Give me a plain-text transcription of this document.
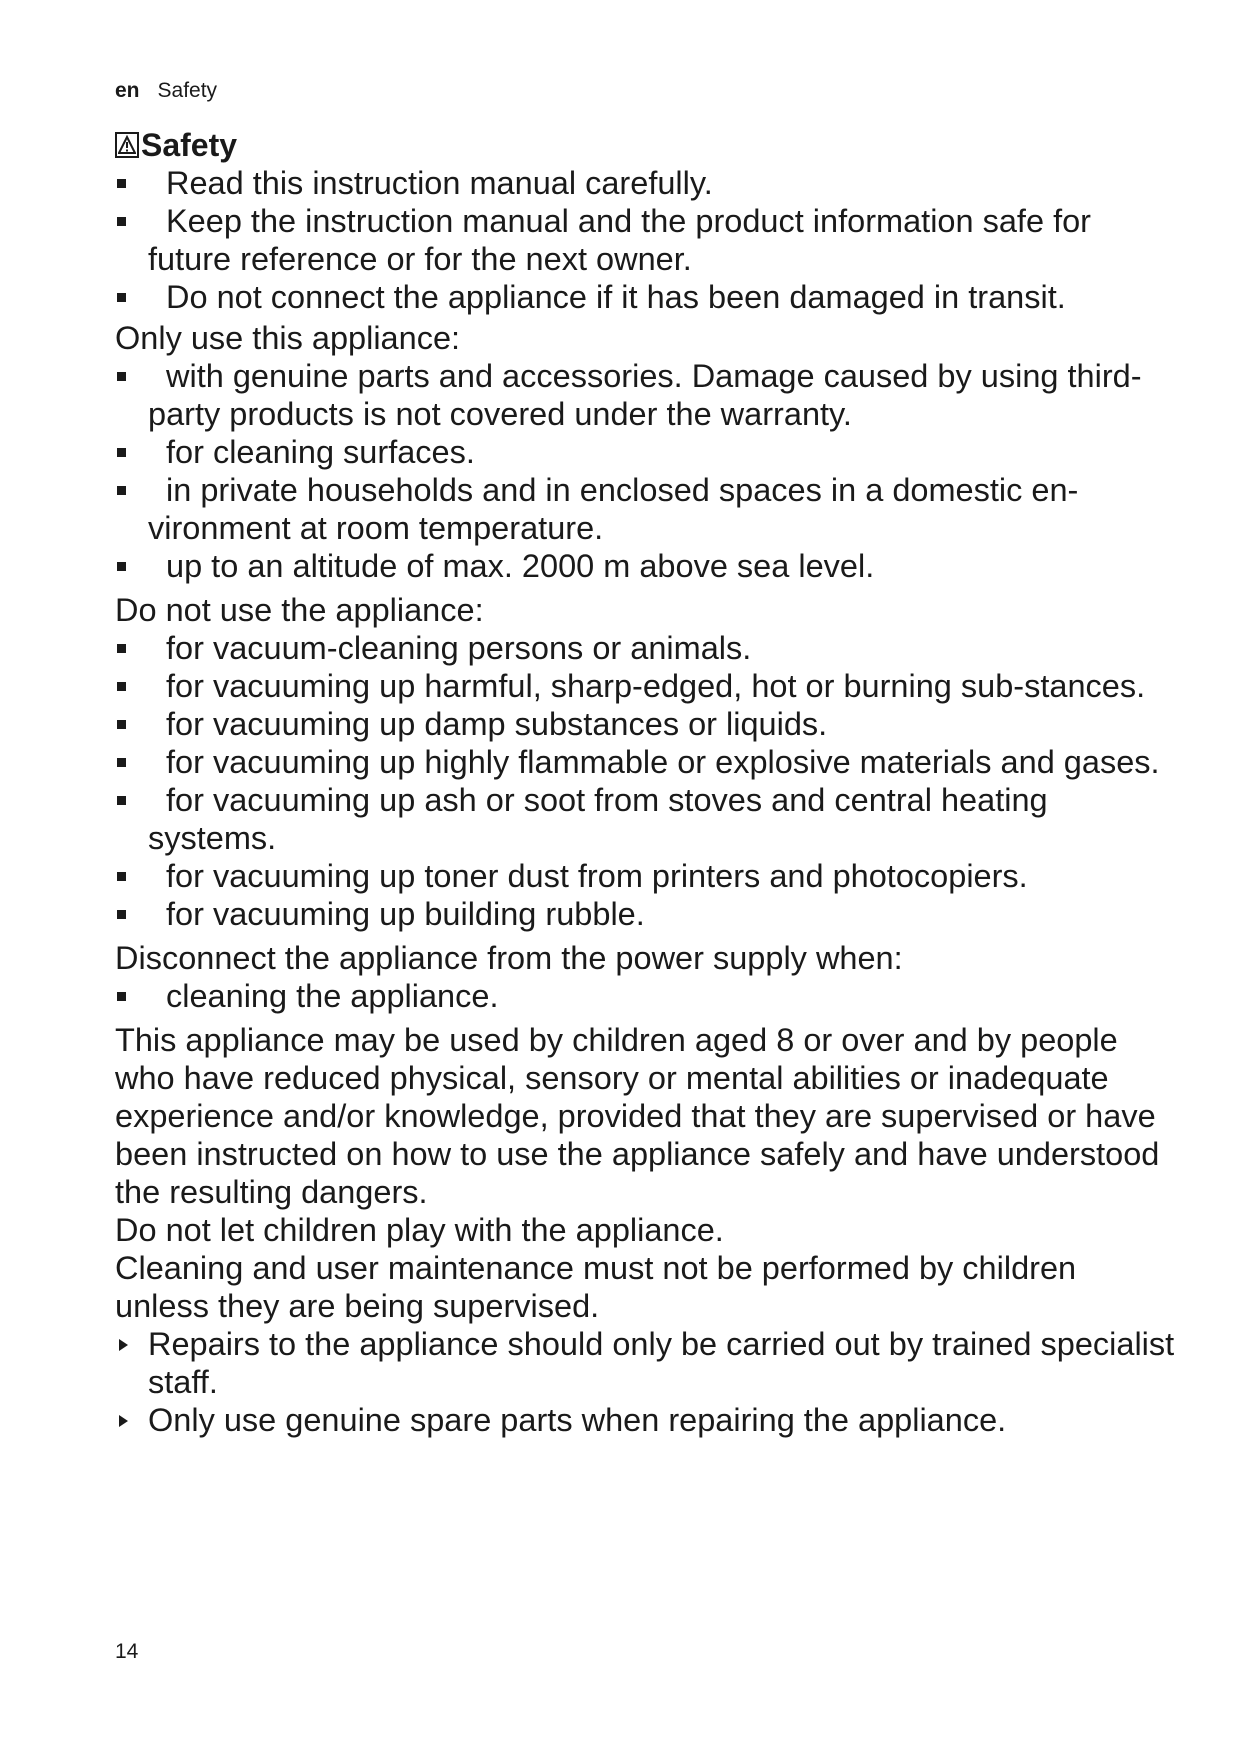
en Safety
Safety
Read this instruction manual carefully.
Keep the instruction manual and the product information safe for future reference or for the next owner.
Do not connect the appliance if it has been damaged in transit.

Only use this appliance:

with genuine parts and accessories. Damage caused by using third-party products is not covered under the warranty.
for cleaning surfaces.
in private households and in enclosed spaces in a domestic en-vironment at room temperature.
up to an altitude of max. 2000 m above sea level.

Do not use the appliance:

for vacuum-cleaning persons or animals.
for vacuuming up harmful, sharp-edged, hot or burning sub-stances.
for vacuuming up damp substances or liquids.
for vacuuming up highly flammable or explosive materials and gases.
for vacuuming up ash or soot from stoves and central heating systems.
for vacuuming up toner dust from printers and photocopiers.
for vacuuming up building rubble.

Disconnect the appliance from the power supply when:

cleaning the appliance.

This appliance may be used by children aged 8 or over and by people who have reduced physical, sensory or mental abilities or inadequate experience and/or knowledge, provided that they are supervised or have been instructed on how to use the appliance safely and have understood the resulting dangers.

Do not let children play with the appliance.

Cleaning and user maintenance must not be performed by children unless they are being supervised.

Repairs to the appliance should only be carried out by trained specialist staff.
Only use genuine spare parts when repairing the appliance.
14
